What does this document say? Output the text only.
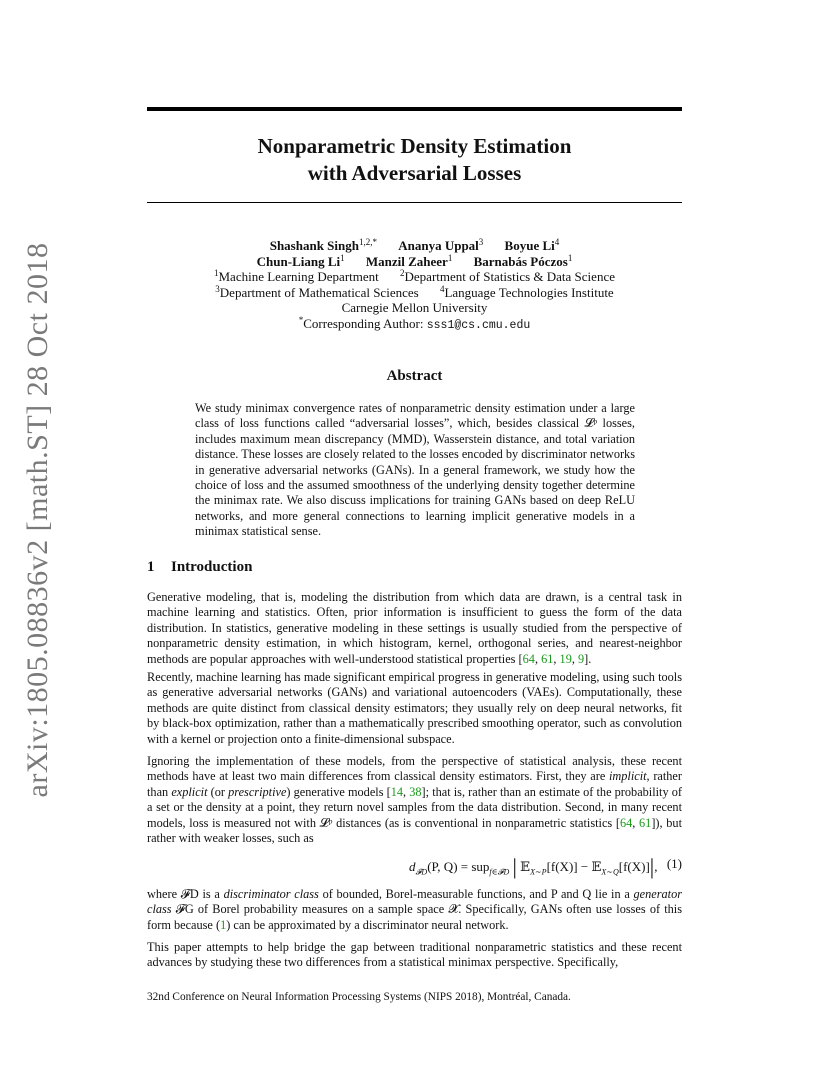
arXiv:1805.08836v2 [math.ST] 28 Oct 2018
Nonparametric Density Estimation
with Adversarial Losses
Shashank Singh$^{1,2,*}$ Ananya Uppal$^3$ Boyue Li$^4$
Chun-Liang Li$^1$ Manzil Zaheer$^1$ Barnabás Póczos$^1$
$^1$Machine Learning Department $^2$Department of Statistics & Data Science
$^3$Department of Mathematical Sciences $^4$Language Technologies Institute
Carnegie Mellon University
*Corresponding Author: sss1@cs.cmu.edu
Abstract
We study minimax convergence rates of nonparametric density estimation under a large class of loss functions called “adversarial losses”, which, besides classical 𝓛ᵖ losses, includes maximum mean discrepancy (MMD), Wasserstein distance, and total variation distance. These losses are closely related to the losses encoded by discriminator networks in generative adversarial networks (GANs). In a general framework, we study how the choice of loss and the assumed smoothness of the underlying density together determine the minimax rate. We also discuss implications for training GANs based on deep ReLU networks, and more general connections to learning implicit generative models in a minimax statistical sense.
1 Introduction
Generative modeling, that is, modeling the distribution from which data are drawn, is a central task in machine learning and statistics. Often, prior information is insufficient to guess the form of the data distribution. In statistics, generative modeling in these settings is usually studied from the perspective of nonparametric density estimation, in which histogram, kernel, orthogonal series, and nearest-neighbor methods are popular approaches with well-understood statistical properties [64, 61, 19, 9].
Recently, machine learning has made significant empirical progress in generative modeling, using such tools as generative adversarial networks (GANs) and variational autoencoders (VAEs). Computationally, these methods are quite distinct from classical density estimators; they usually rely on deep neural networks, fit by black-box optimization, rather than a mathematically prescribed smoothing operator, such as convolution with a kernel or projection onto a finite-dimensional subspace.
Ignoring the implementation of these models, from the perspective of statistical analysis, these recent methods have at least two main differences from classical density estimators. First, they are implicit, rather than explicit (or prescriptive) generative models [14, 38]; that is, rather than an estimate of the probability of a set or the density at a point, they return novel samples from the data distribution. Second, in many recent models, loss is measured not with 𝓛ᵖ distances (as is conventional in nonparametric statistics [64, 61]), but rather with weaker losses, such as
$d_{𝓕D}(P$, Q) = sup$_{f\in 𝓕D}$ | 𝔼$_{X\sim P}$[f(X)] − 𝔼$_{X\sim Q}$[f(X)]|, (1)
where 𝓕D is a discriminator class of bounded, Borel-measurable functions, and P and Q lie in a generator class 𝓕G of Borel probability measures on a sample space 𝓧. Specifically, GANs often use losses of this form because (1) can be approximated by a discriminator neural network.
This paper attempts to help bridge the gap between traditional nonparametric statistics and these recent advances by studying these two differences from a statistical minimax perspective. Specifically,
32nd Conference on Neural Information Processing Systems (NIPS 2018), Montréal, Canada.
